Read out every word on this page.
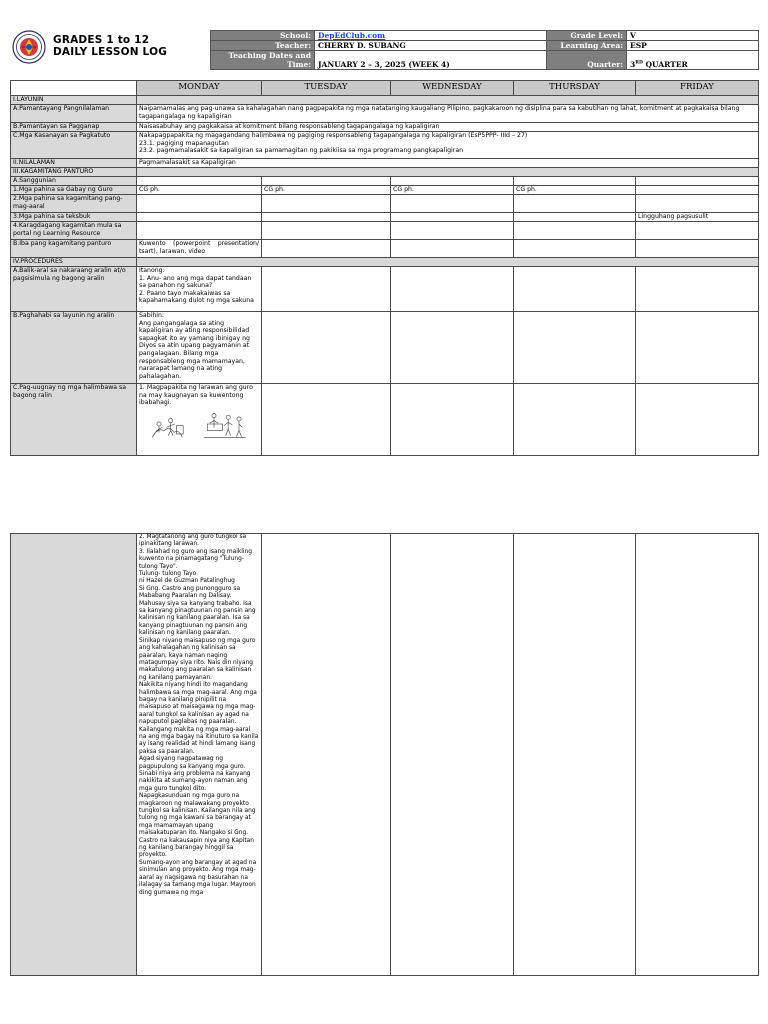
GRADES 1 to 12
DAILY LESSON LOG
School:	DepEdClub.com	Grade Level:	V
Teacher:	CHERRY D. SUBANG	Learning Area:	ESP

Teaching Dates and
Time:	JANUARY 2 – 3, 2025 (WEEK 4)	Quarter:	3RD QUARTER
	MONDAY	TUESDAY	WEDNESDAY	THURSDAY	FRIDAY
I.LAYUNIN					
A.Pamantayang Pangnilalaman	Naipamamalas ang pag-unawa sa kahalagahan nang pagpapakita ng mga natatanging kaugaliang Pilipino, pagkakaroon ng disiplina para sa kabutihan ng lahat, komitment at pagkakaisa bilang tagapangalaga ng kapaligiran				
B.Pamantayan sa Pagganap	Naisasabuhay ang pagkakaisa at komitment bilang responsableng tagapangalaga ng kapaligiran				
C.Mga Kasanayan sa Pagkatuto	Nakapagpapakita ng magagandang halimbawa ng pagiging responsableng tagapangalaga ng kapaligiran (EsP5PPP- IIId – 27)
23.1. pagiging mapanagutan
23.2. pagmamalasakit sa kapaligiran sa pamamagitan ng pakikiisa sa mga programang pangkapaligiran				
II.NILALAMAN	Pagmamalasakit sa Kapaligiran				
III.KAGAMITANG PANTURO					
A.Sanggunian					
1.Mga pahina sa Gabay ng Guro	CG ph.	CG ph.	CG ph.	CG ph.	
2.Mga pahina sa kagamitang pang-mag-aaral					
3.Mga pahina sa teksbuk					Lingguhang pagsusulit
4.Karagdagang kagamitan mula sa portal ng Learning Resource					
B.Iba pang kagamitang panturo	Kuwento (powerpoint presentation/ tsart), larawan, video				
IV.PROCEDURES					
A.Balik-aral sa nakaraang aralin at/o pagsisimula ng bagong aralin	Itanong:
1. Anu- ano ang mga dapat tandaan sa panahon ng sakuna?
2. Paano tayo makakaiwas sa kapahamakang dulot ng mga sakuna				
B.Paghahabi sa layunin ng aralin	Sabihin:
Ang pangangalaga sa ating kapaligiran ay ating responsibilidad sapagkat ito ay yamang ibinigay ng Diyos sa atin upang pagyamanin at pangalagaan. Bilang mga responsableng mga mamamayan, nararapat lamang na ating pahalagahan.				
C.Pag-uugnay ng mga halimbawa sa bagong ralin	1. Magpapakita ng larawan ang guro na may kaugnayan sa kuwentong ibabahagi.				

	2. Magtatanong ang guro tungkol sa ipinakitang larawan.
3. Ilalahad ng guro ang isang maikling kuwento na pinamagatang "Tulung-tulong Tayo".
Tulung- tulong Tayo
ni Hazel de Guzman Patalinghug
Si Gng. Castro ang punongguro sa Mababang Paaralan ng Dalisay.
Mahusay siya sa kanyang trabaho. Isa sa kanyang pinagtuunan ng pansin ang kalinisan ng kanilang paaralan. Isa sa kanyang pinagtuunan ng pansin ang kalinisan ng kanilang paaralan.
Sinikap niyang maisapuso ng mga guro ang kahalagahan ng kalinisan sa paaralan, kaya naman naging matagumpay siya rito. Nais din niyang makatulong ang paaralan sa kalinisan ng kanilang pamayanan.
Nakikita niyang hindi ito magandang halimbawa sa mga mag-aaral. Ang mga bagay na kanilang pinipilit na maisapuso at maisagawa ng mga mag-aaral tungkol sa kalinisan ay agad na napuputol paglabas ng paaralan.
Kailangang makita ng mga mag-aaral na ang mga bagay na itinuturo sa kanila ay isang realidad at hindi lamang isang paksa sa paaralan.
Agad siyang nagpatawag ng pagpupulong sa kanyang mga guro. Sinabi niya ang problema na kanyang nakikita at sumang-ayon naman ang mga guro tungkol dito.
Napagkasunduan ng mga guro na magkaroon ng malawakang proyekto tungkol sa kalinisan. Kailangan nila ang tulong ng mga kawani sa barangay at mga mamamayan upang maisakatuparan ito. Nangako si Gng. Castro na kakausapin niya ang Kapitan ng kanilang barangay hinggil sa proyekto.
Sumang-ayon ang barangay at agad na sinimulan ang proyekto. Ang mga mag-aaral ay nagsigawa ng basurahan na ilalagay sa tamang mga lugar. Mayroon ding gumawa ng mga				
